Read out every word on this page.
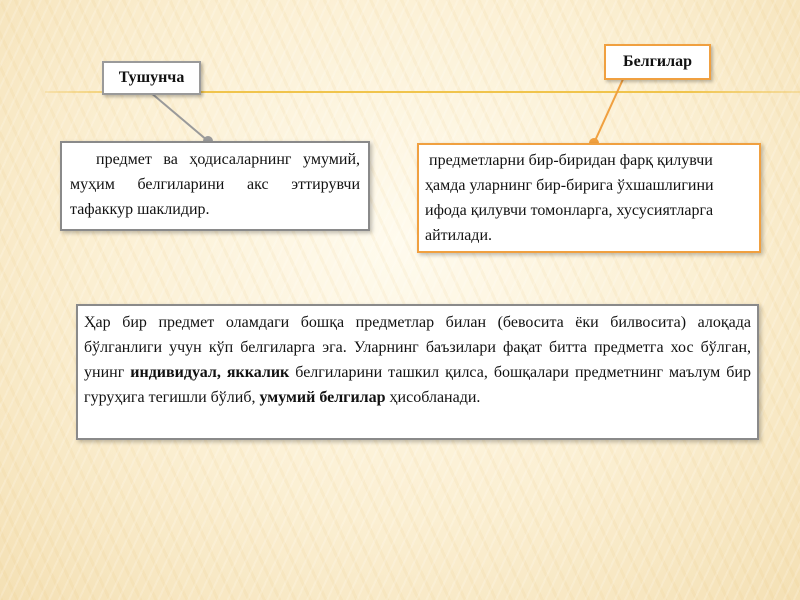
Тушунча
Белгилар
предмет ва ҳодисаларнинг умумий, муҳим белгиларини акс эттирувчи тафаккур шаклидир.
предметларни бир-биридан фарқ қилувчи ҳамда уларнинг бир-бирига ўхшашлигини ифода қилувчи томонларга, хусусиятларга айтилади.
Ҳар бир предмет оламдаги бошқа предметлар билан (бевосита ёки билвосита) алоқада бўлганлиги учун кўп белгиларга эга. Уларнинг баъзилари фақат битта предметга хос бўлган, унинг индивидуал, яккалик белгиларини ташкил қилса, бошқалари предметнинг маълум бир гуруҳига тегишли бўлиб, умумий белгилар ҳисобланади.
